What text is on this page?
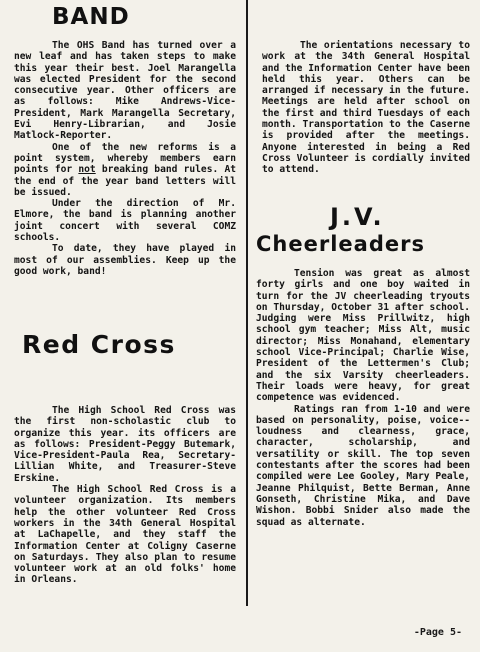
BAND

The OHS Band has turned over a new leaf and has taken steps to make this year their best. Joel Marangella was elected President for the second consecutive year. Other officers are as follows: Mike Andrews-Vice-President, Mark Marangella Secretary, Evi Henry-Librarian, and Josie Matlock-Reporter.

One of the new reforms is a point system, whereby members earn points for not breaking band rules. At the end of the year band letters will be issued.

Under the direction of Mr. Elmore, the band is planning another joint concert with several COMZ schools.

To date, they have played in most of our assemblies. Keep up the good work, band!

Red Cross

The High School Red Cross was the first non-scholastic club to organize this year. its officers are as follows: President-Peggy Butemark, Vice-President-Paula Rea, Secretary-Lillian White, and Treasurer-Steve Erskine.

The High School Red Cross is a volunteer organization. Its members help the other volunteer Red Cross workers in the 34th General Hospital at LaChapelle, and they staff the Information Center at Coligny Caserne on Saturdays. They also plan to resume volunteer work at an old folks' home in Orleans.

The orientations necessary to work at the 34th General Hospital and the Information Center have been held this year. Others can be arranged if necessary in the future. Meetings are held after school on the first and third Tuesdays of each month. Transportation to the Caserne is provided after the meetings. Anyone interested in being a Red Cross Volunteer is cordially invited to attend.

J.V.
Cheerleaders

Tension was great as almost forty girls and one boy waited in turn for the JV cheerleading tryouts on Thursday, October 31 after school. Judging were Miss Prillwitz, high school gym teacher; Miss Alt, music director; Miss Monahand, elementary school Vice-Principal; Charlie Wise, President of the Lettermen's Club; and the six Varsity cheerleaders. Their loads were heavy, for great competence was evidenced.

Ratings ran from 1-10 and were based on personality, poise, voice-- loudness and clearness, grace, character, scholarship, and versatility or skill. The top seven contestants after the scores had been compiled were Lee Gooley, Mary Peale, Jeanne Philquist, Bette Berman, Anne Gonseth, Christine Mika, and Dave Wishon. Bobbi Snider also made the squad as alternate.

-Page 5-
